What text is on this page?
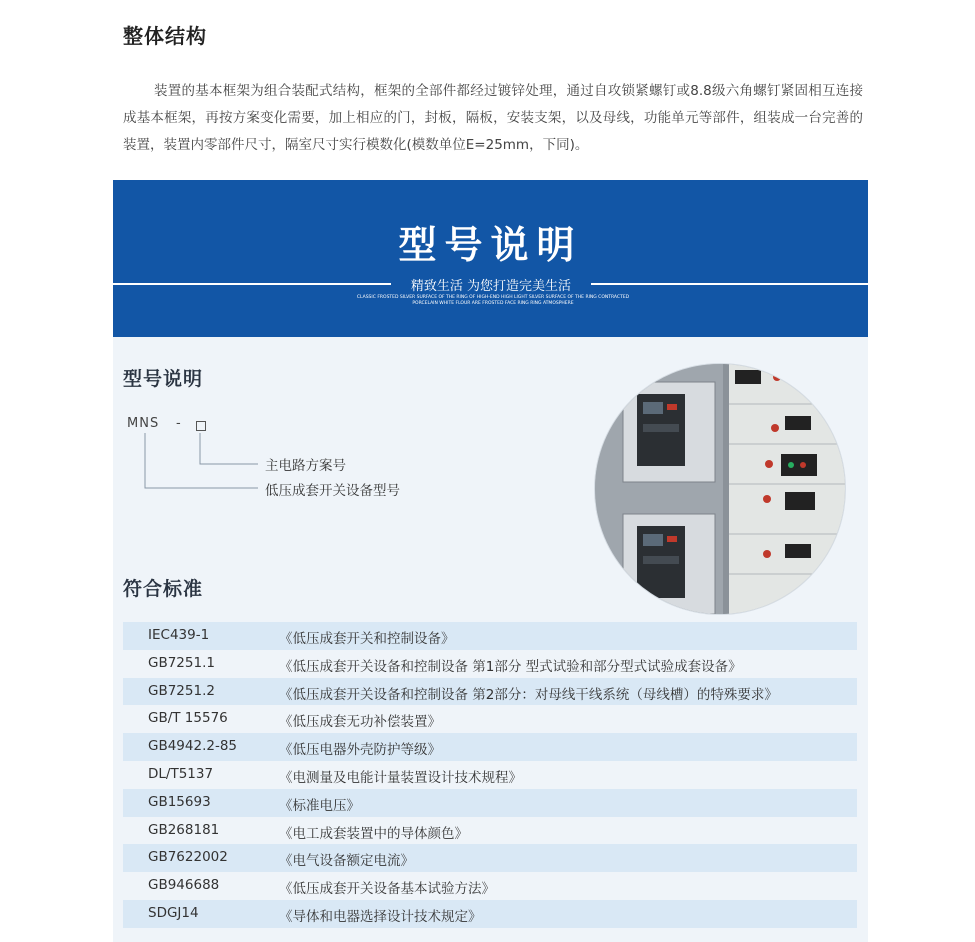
整体结构
装置的基本框架为组合装配式结构，框架的全部件都经过镀锌处理，通过自攻锁紧螺钉或8.8级六角螺钉紧固相互连接成基本框架，再按方案变化需要，加上相应的门，封板，隔板，安装支架，以及母线，功能单元等部件，组装成一台完善的装置，装置内零部件尺寸，隔室尺寸实行模数化(模数单位E=25mm，下同)。
型号说明
精致生活 为您打造完美生活
CLASSIC FROSTED SILVER SURFACE OF THE RING OF HIGH-END HIGH LIGHT SILVER SURFACE OF THE RING CONTRACTED
PORCELAIN WHITE FLOUR ARE FROSTED FACE RING RING ATMOSPHERE
型号说明
MNS -
主电路方案号
低压成套开关设备型号
符合标准
IEC439-1	《低压成套开关和控制设备》
GB7251.1	《低压成套开关设备和控制设备 第1部分 型式试验和部分型式试验成套设备》
GB7251.2	《低压成套开关设备和控制设备 第2部分：对母线干线系统（母线槽）的特殊要求》
GB/T 15576	《低压成套无功补偿装置》
GB4942.2-85	《低压电器外壳防护等级》
DL/T5137	《电测量及电能计量装置设计技术规程》
GB15693	《标准电压》
GB268181	《电工成套装置中的导体颜色》
GB7622002	《电气设备额定电流》
GB946688	《低压成套开关设备基本试验方法》
SDGJ14	《导体和电器选择设计技术规定》
